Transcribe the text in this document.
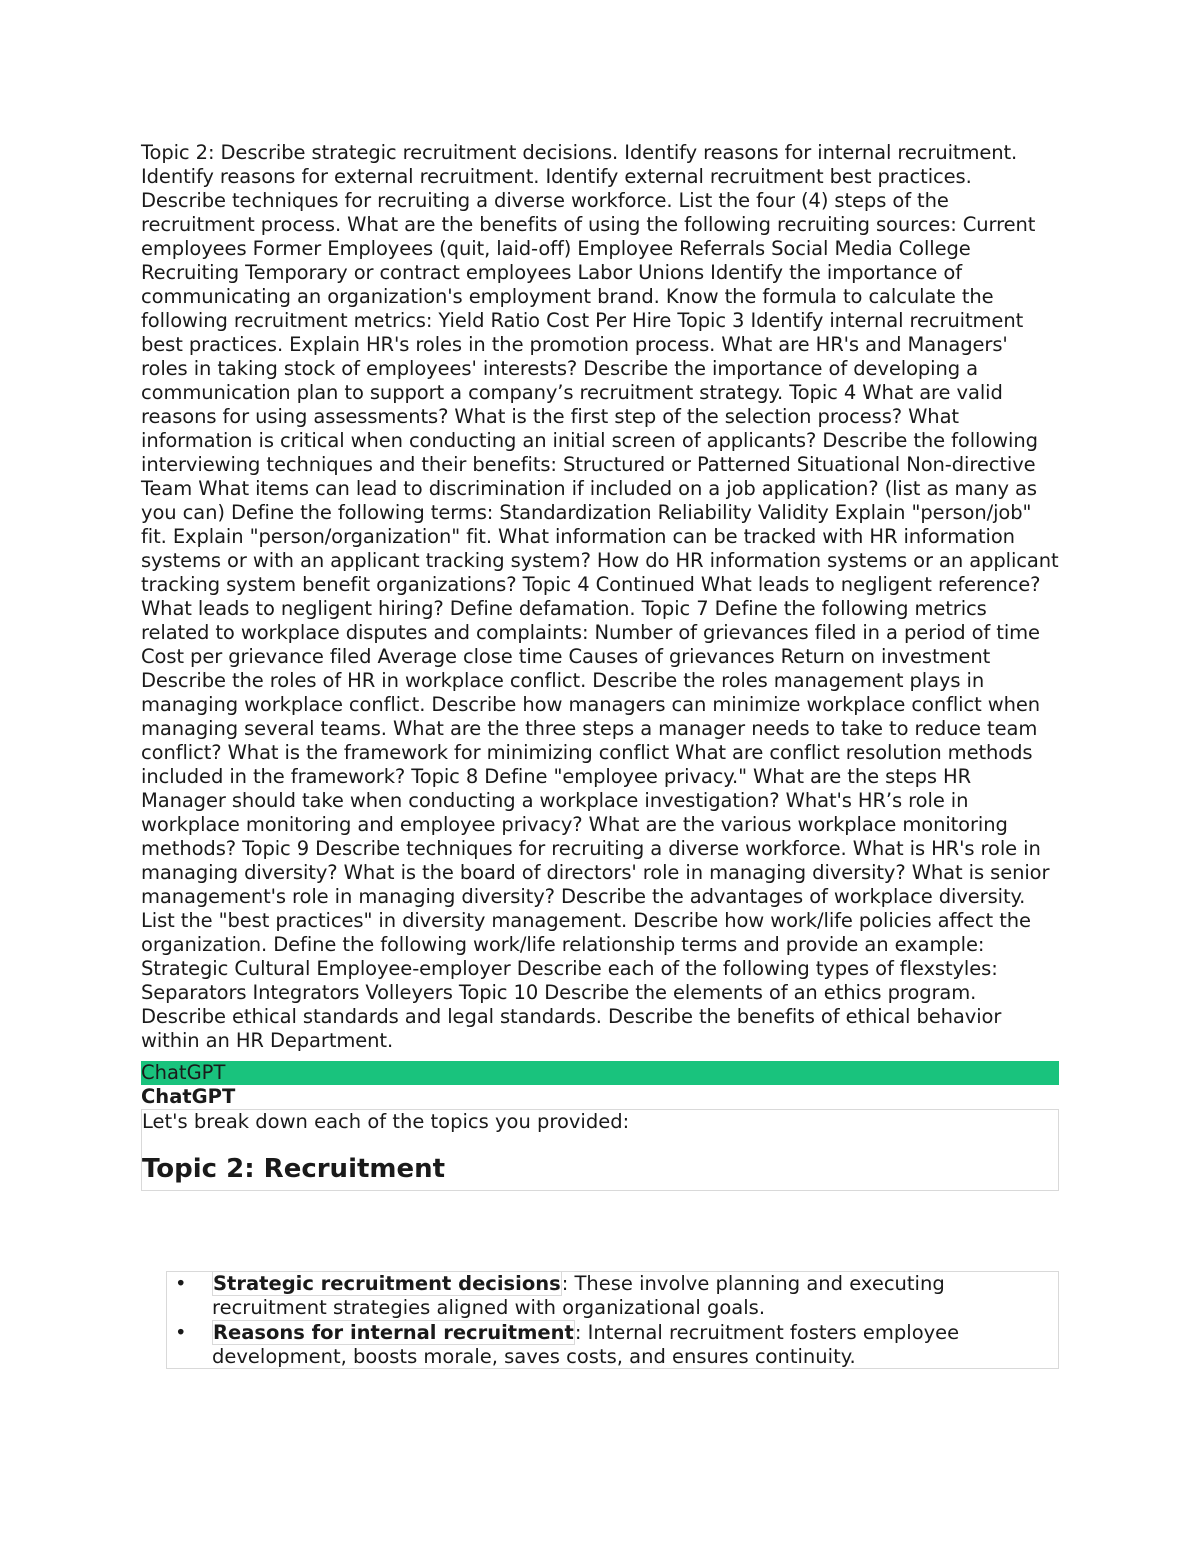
Topic 2: Describe strategic recruitment decisions. Identify reasons for internal recruitment. Identify reasons for external recruitment. Identify external recruitment best practices. Describe techniques for recruiting a diverse workforce. List the four (4) steps of the recruitment process. What are the benefits of using the following recruiting sources: Current employees Former Employees (quit, laid-off) Employee Referrals Social Media College Recruiting Temporary or contract employees Labor Unions Identify the importance of communicating an organization's employment brand. Know the formula to calculate the following recruitment metrics: Yield Ratio Cost Per Hire Topic 3 Identify internal recruitment best practices. Explain HR's roles in the promotion process. What are HR's and Managers' roles in taking stock of employees' interests? Describe the importance of developing a communication plan to support a company’s recruitment strategy. Topic 4 What are valid reasons for using assessments? What is the first step of the selection process? What information is critical when conducting an initial screen of applicants? Describe the following interviewing techniques and their benefits: Structured or Patterned Situational Non-directive Team What items can lead to discrimination if included on a job application? (list as many as you can) Define the following terms: Standardization Reliability Validity Explain "person/job" fit. Explain "person/organization" fit. What information can be tracked with HR information systems or with an applicant tracking system? How do HR information systems or an applicant tracking system benefit organizations? Topic 4 Continued What leads to negligent reference? What leads to negligent hiring? Define defamation. Topic 7 Define the following metrics related to workplace disputes and complaints: Number of grievances filed in a period of time Cost per grievance filed Average close time Causes of grievances Return on investment Describe the roles of HR in workplace conflict. Describe the roles management plays in managing workplace conflict. Describe how managers can minimize workplace conflict when managing several teams. What are the three steps a manager needs to take to reduce team conflict? What is the framework for minimizing conflict What are conflict resolution methods included in the framework? Topic 8 Define "employee privacy." What are the steps HR Manager should take when conducting a workplace investigation? What's HR’s role in workplace monitoring and employee privacy? What are the various workplace monitoring methods? Topic 9 Describe techniques for recruiting a diverse workforce. What is HR's role in managing diversity? What is the board of directors' role in managing diversity? What is senior management's role in managing diversity? Describe the advantages of workplace diversity. List the "best practices" in diversity management. Describe how work/life policies affect the organization. Define the following work/life relationship terms and provide an example: Strategic Cultural Employee-employer Describe each of the following types of flexstyles: Separators Integrators Volleyers Topic 10 Describe the elements of an ethics program. Describe ethical standards and legal standards. Describe the benefits of ethical behavior within an HR Department.

ChatGPT
ChatGPT

Let's break down each of the topics you provided:

Topic 2: Recruitment
• Strategic recruitment decisions: These involve planning and executing recruitment strategies aligned with organizational goals.
• Reasons for internal recruitment: Internal recruitment fosters employee development, boosts morale, saves costs, and ensures continuity.
